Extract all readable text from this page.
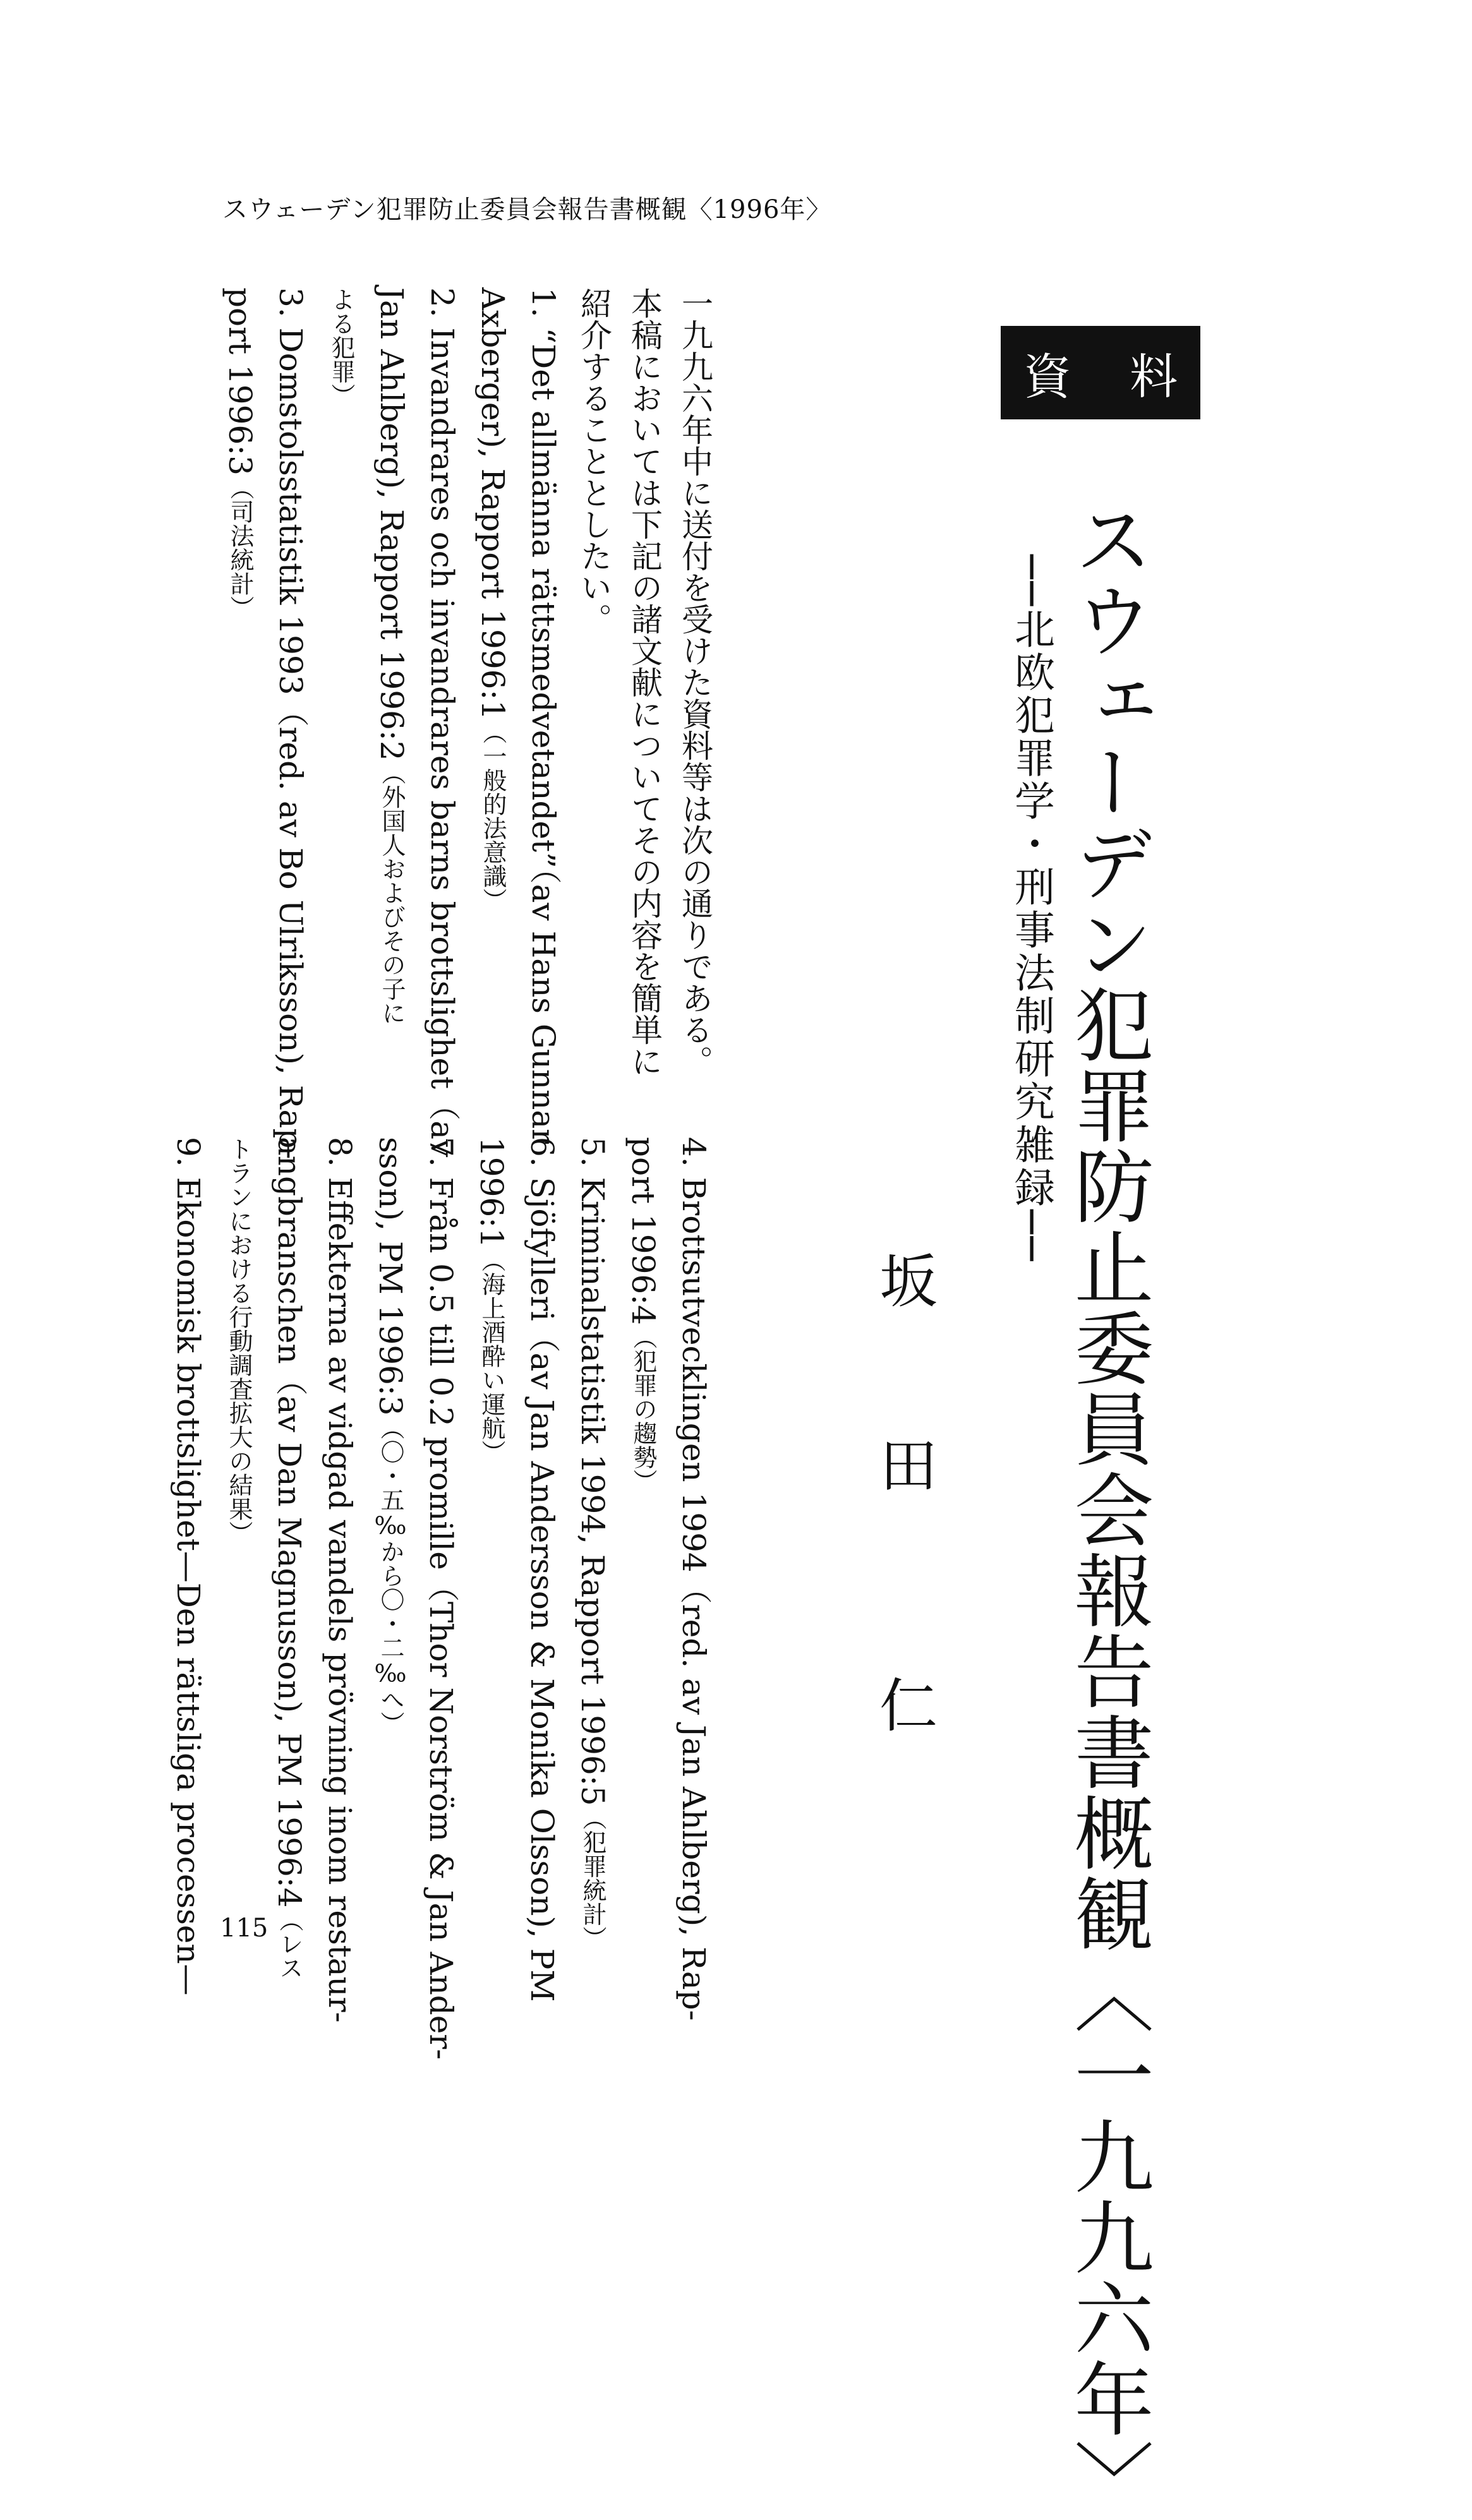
スウェーデン犯罪防止委員会報告書概観〈1996年〉
資 料
スウェーデン犯罪防止委員会報告書概観〈一九九六年〉
──北欧犯罪学・刑事法制研究雑録──
坂
田
仁
一九九六年中に送付を受けた資料等は次の通りである。
本稿においては下記の諸文献についてその内容を簡単に
紹介することとしたい。
1. “Det allmänna rättsmedvetandet”（av Hans Gunnar
Axberger), Rapport 1996:1（一般的法意識）
2. Invandrares och invandrares barns brottslighet（av
Jan Ahlberg), Rapport 1996:2（外国人およびその子に
よる犯罪）
3. Domstolsstatistik 1993（red. av Bo Ulriksson), Rap-
port 1996:3（司法統計）
4. Brottsutvecklingen 1994（red. av Jan Ahlberg), Rap-
port 1996:4（犯罪の趨勢）
5. Kriminalstatistik 1994, Rapport 1996:5（犯罪統計）
6. Sjöfylleri（av Jan Andersson & Monika Olsson), PM
1996:1（海上酒酔い運航）
7. Från 0.5 till 0.2 promille（Thor Norström & Jan Ander-
sson), PM 1996:3（〇・五‰から〇・二‰へ）
8. Effekterna av vidgad vandels prövning inom restaur-
angbranschen（av Dan Magnusson), PM 1996:4（レス
トランにおける行動調査拡大の結果）
9. Ekonomisk brottslighet—Den rättsliga processen— 115
